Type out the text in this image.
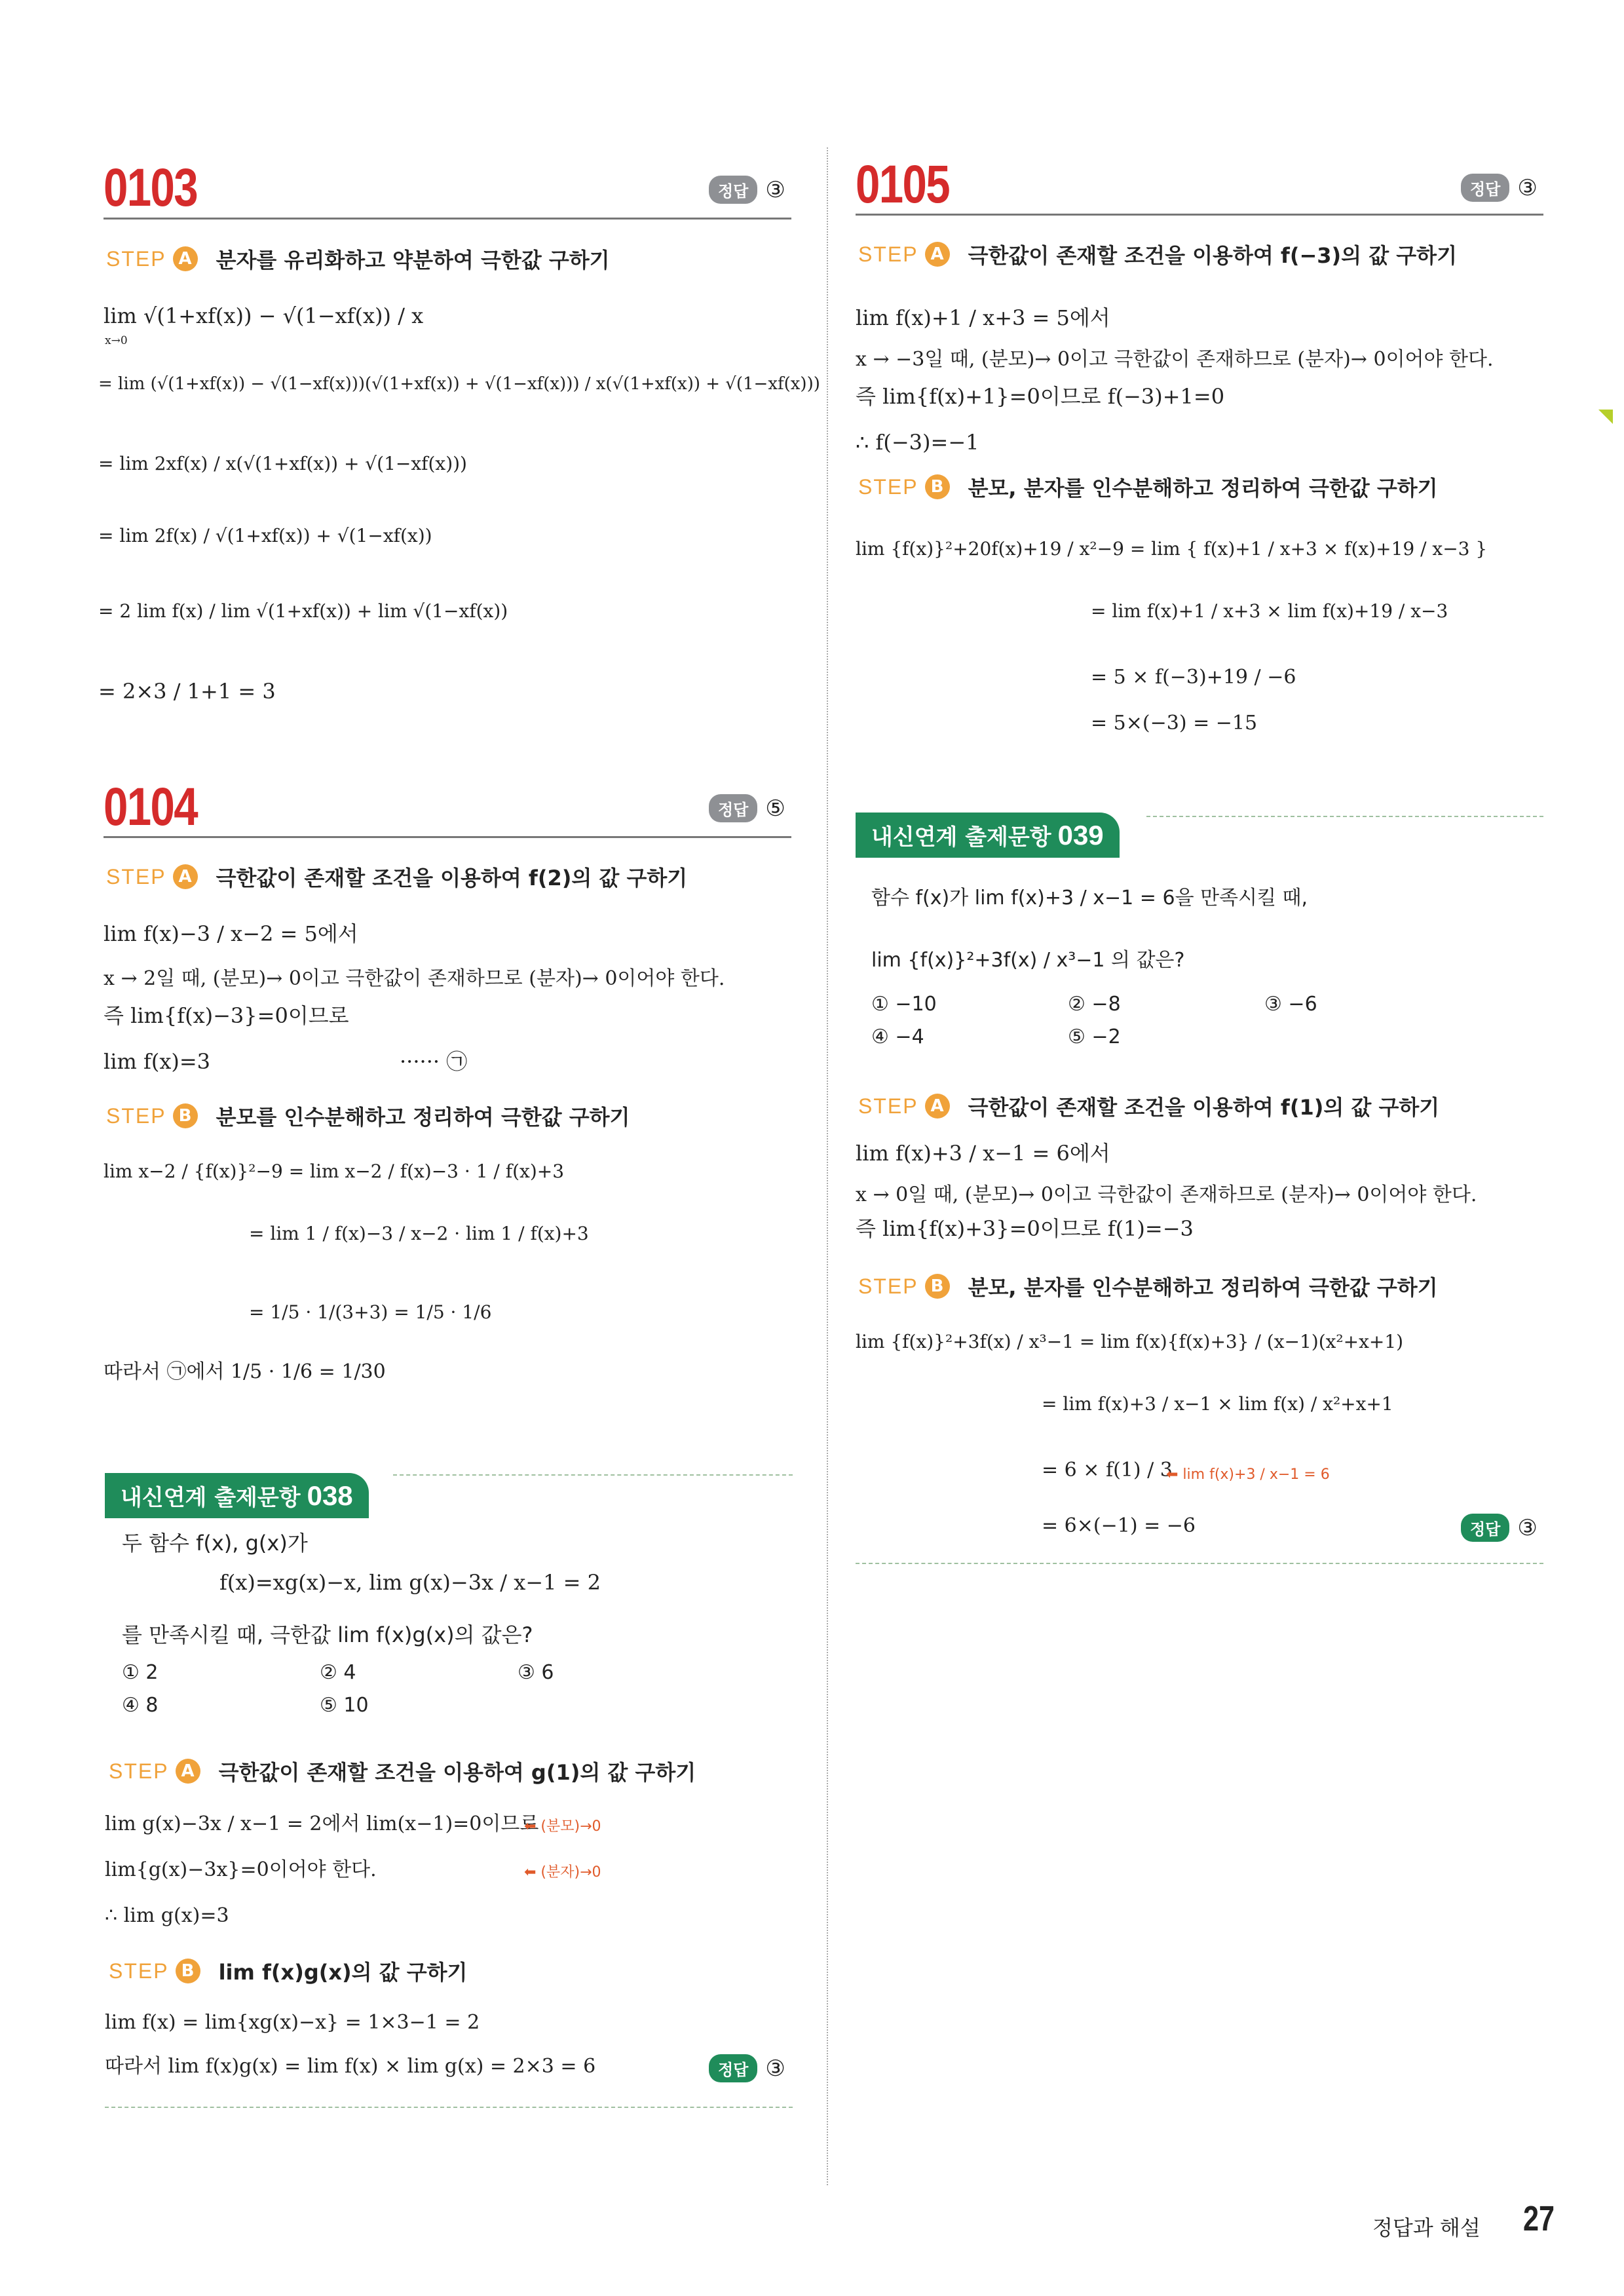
0103	정답 ③
STEP A 분자를 유리화하고 약분하여 극한값 구하기
lim √(1+xf(x)) − √(1−xf(x)) / x
x→0
= lim (√(1+xf(x)) − √(1−xf(x)))(√(1+xf(x)) + √(1−xf(x))) / x(√(1+xf(x)) + √(1−xf(x)))
= lim 2xf(x) / x(√(1+xf(x)) + √(1−xf(x)))
= lim 2f(x) / √(1+xf(x)) + √(1−xf(x))
= 2 lim f(x) / lim √(1+xf(x)) + lim √(1−xf(x))
= 2×3 / 1+1 = 3
0104	정답 ⑤
STEP A 극한값이 존재할 조건을 이용하여 f(2)의 값 구하기
lim f(x)−3 / x−2 = 5에서
x → 2일 때, (분모)→ 0이고 극한값이 존재하므로 (분자)→ 0이어야 한다.
즉 lim{f(x)−3}=0이므로
lim f(x)=3	······ ㉠
STEP B 분모를 인수분해하고 정리하여 극한값 구하기
lim x−2 / {f(x)}²−9 = lim x−2 / f(x)−3 · 1 / f(x)+3
= lim 1 / f(x)−3 / x−2 · lim 1 / f(x)+3
= 1/5 · 1/(3+3) = 1/5 · 1/6
따라서 ㉠에서 1/5 · 1/6 = 1/30
내신연계 출제문항 038
두 함수 f(x), g(x)가
f(x)=xg(x)−x, lim g(x)−3x / x−1 = 2
를 만족시킬 때, 극한값 lim f(x)g(x)의 값은?
① 2	② 4	③ 6
④ 8	⑤ 10
STEP A 극한값이 존재할 조건을 이용하여 g(1)의 값 구하기
lim g(x)−3x / x−1 = 2에서 lim(x−1)=0이므로
⬅ (분모)→0
lim{g(x)−3x}=0이어야 한다.	⬅ (분자)→0
∴ lim g(x)=3
STEP B lim f(x)g(x)의 값 구하기
lim f(x) = lim{xg(x)−x} = 1×3−1 = 2
따라서 lim f(x)g(x) = lim f(x) × lim g(x) = 2×3 = 6	정답 ③
0105	정답 ③
STEP A 극한값이 존재할 조건을 이용하여 f(−3)의 값 구하기
lim f(x)+1 / x+3 = 5에서
x → −3일 때, (분모)→ 0이고 극한값이 존재하므로 (분자)→ 0이어야 한다.
즉 lim{f(x)+1}=0이므로 f(−3)+1=0
∴ f(−3)=−1
STEP B 분모, 분자를 인수분해하고 정리하여 극한값 구하기
lim {f(x)}²+20f(x)+19 / x²−9 = lim { f(x)+1 / x+3 × f(x)+19 / x−3 }
= lim f(x)+1 / x+3 × lim f(x)+19 / x−3
= 5 × f(−3)+19 / −6
= 5×(−3) = −15
내신연계 출제문항 039
함수 f(x)가 lim f(x)+3 / x−1 = 6을 만족시킬 때,
lim {f(x)}²+3f(x) / x³−1 의 값은?
① −10	② −8	③ −6
④ −4	⑤ −2
STEP A 극한값이 존재할 조건을 이용하여 f(1)의 값 구하기
lim f(x)+3 / x−1 = 6에서
x → 0일 때, (분모)→ 0이고 극한값이 존재하므로 (분자)→ 0이어야 한다.
즉 lim{f(x)+3}=0이므로 f(1)=−3
STEP B 분모, 분자를 인수분해하고 정리하여 극한값 구하기
lim {f(x)}²+3f(x) / x³−1 = lim f(x){f(x)+3} / (x−1)(x²+x+1)
= lim f(x)+3 / x−1 × lim f(x) / x²+x+1
= 6 × f(1) / 3
⬅ lim f(x)+3 / x−1 = 6
= 6×(−1) = −6	정답 ③
정답과 해설 27
